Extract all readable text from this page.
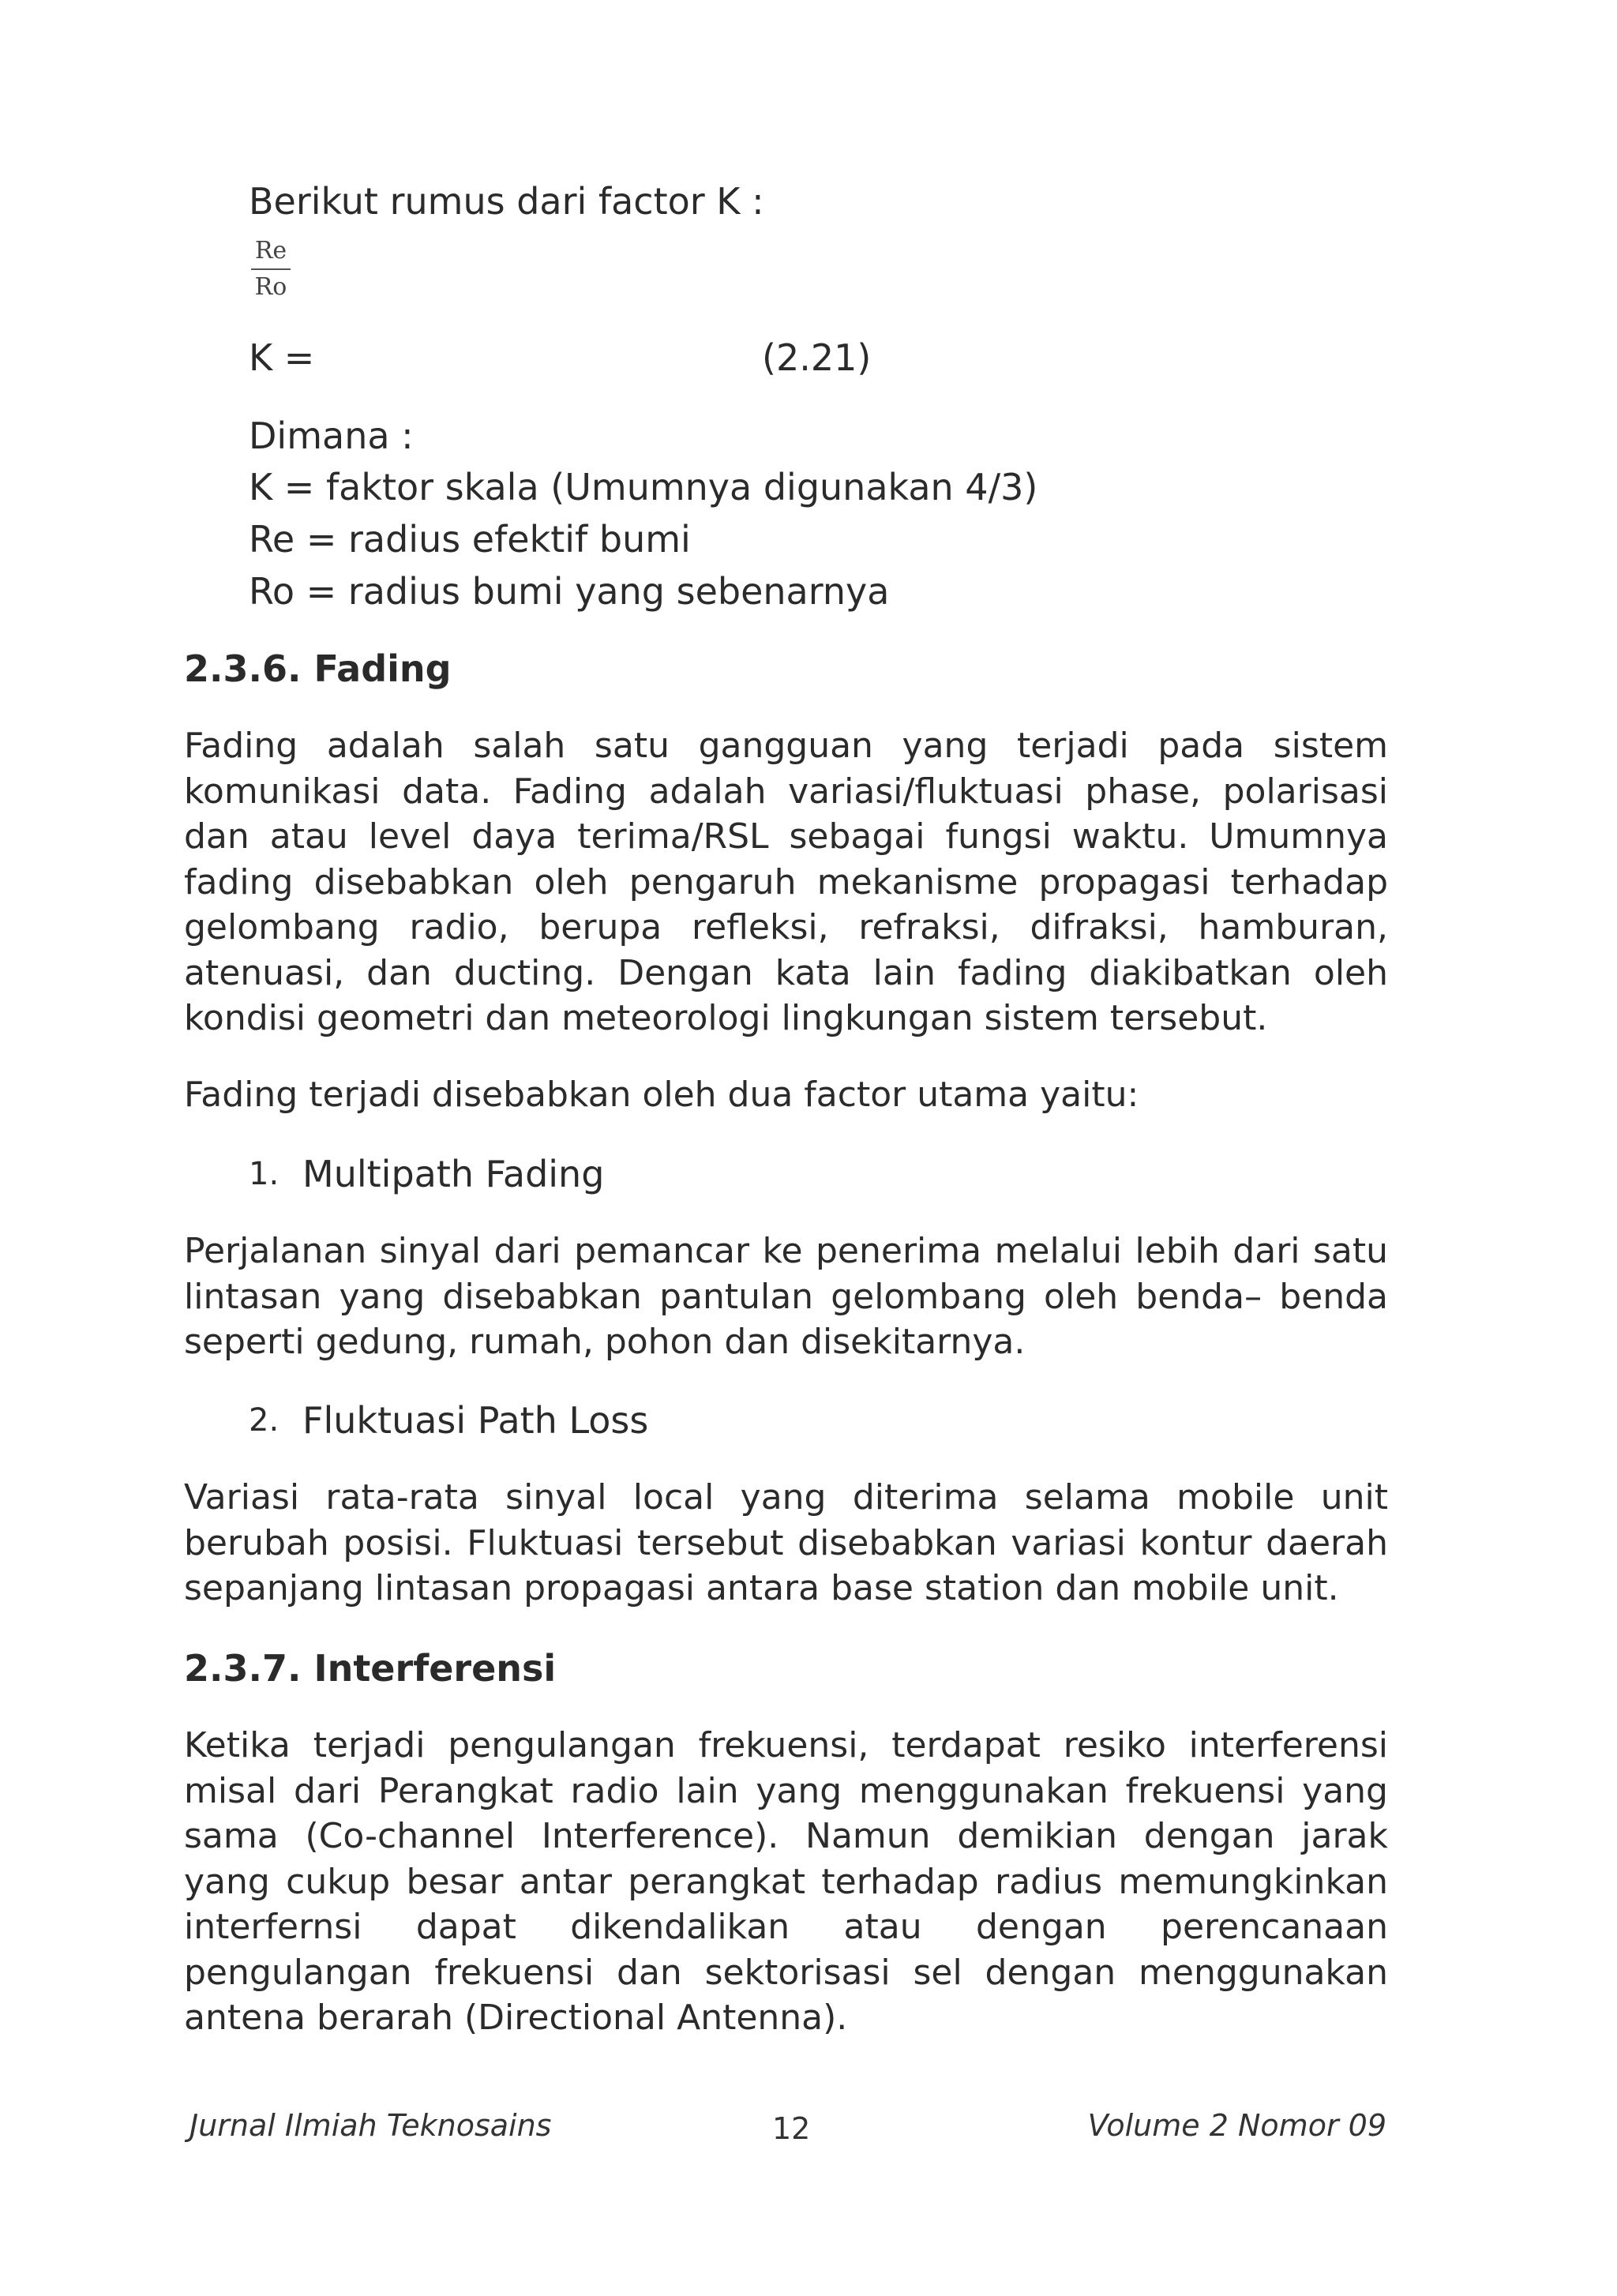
Berikut rumus dari factor K :
Re
Ro
K =	(2.21)
Dimana :
K = faktor skala (Umumnya digunakan 4/3)
Re = radius efektif bumi
Ro = radius bumi yang sebenarnya
2.3.6. Fading
Fading adalah salah satu gangguan yang terjadi pada sistem komunikasi data. Fading adalah variasi/fluktuasi phase, polarisasi dan atau level daya terima/RSL sebagai fungsi waktu. Umumnya fading disebabkan oleh pengaruh mekanisme propagasi terhadap gelombang radio, berupa refleksi, refraksi, difraksi, hamburan, atenuasi, dan ducting. Dengan kata lain fading diakibatkan oleh kondisi geometri dan meteorologi lingkungan sistem tersebut.
Fading terjadi disebabkan oleh dua factor utama yaitu:
1. Multipath Fading
Perjalanan sinyal dari pemancar ke penerima melalui lebih dari satu lintasan yang disebabkan pantulan gelombang oleh benda– benda seperti gedung, rumah, pohon dan disekitarnya.
2. Fluktuasi Path Loss
Variasi rata-rata sinyal local yang diterima selama mobile unit berubah posisi. Fluktuasi tersebut disebabkan variasi kontur daerah sepanjang lintasan propagasi antara base station dan mobile unit.
2.3.7. Interferensi
Ketika terjadi pengulangan frekuensi, terdapat resiko interferensi misal dari Perangkat radio lain yang menggunakan frekuensi yang sama (Co-channel Interference). Namun demikian dengan jarak yang cukup besar antar perangkat terhadap radius memungkinkan interfernsi dapat dikendalikan atau dengan perencanaan pengulangan frekuensi dan sektorisasi sel dengan menggunakan antena berarah (Directional Antenna).
Jurnal Ilmiah Teknosains	12	Volume 2 Nomor 09
